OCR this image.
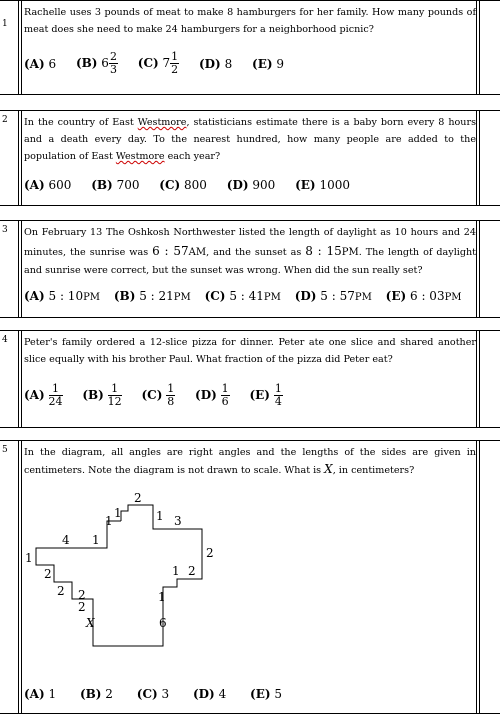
1
Rachelle uses 3 pounds of meat to make 8 hamburgers for her family. How many pounds of meat does she need to make 24 hamburgers for a neighborhood picnic?
(A) 6 (B) $6 \frac{2}{3} (C)$ $7 \frac{1}{2} (D)$ 8 (E) 9
2	In the country of East Westmore, statisticians estimate there is a baby born every 8 hours and a death every day. To the nearest hundred, how many people are added to the population of East Westmore each year?
(A) 600 (B) 700 (C) 800 (D) 900 (E) 1000
3	On February 13 The Oshkosh Northwester listed the length of daylight as 10 hours and 24 minutes, the sunrise was 6 : 57AM, and the sunset as 8 : 15PM. The length of daylight and sunrise were correct, but the sunset was wrong. When did the sun really set?
(A) 5 : 10PM (B) 5 : 21PM (C) 5 : 41PM (D) 5 : 57PM (E) 6 : 03PM
4	Peter's family ordered a 12-slice pizza for dinner. Peter ate one slice and shared another slice equally with his brother Paul. What fraction of the pizza did Peter eat?
$(A) \frac{1}{24} (B) \frac{1}{12} (C) \frac{1}{8} (D) \frac{1}{6} (E) \frac{1}{4}$
5	In the diagram, all angles are right angles and the lengths of the sides are given in centimeters. Note the diagram is not drawn to scale. What is X, in centimeters?
2
1
1	1 3
4 1
2
1
2
2
1 2
2
1
2
X	6
(A) 1 (B) 2 (C) 3 (D) 4 (E) 5
